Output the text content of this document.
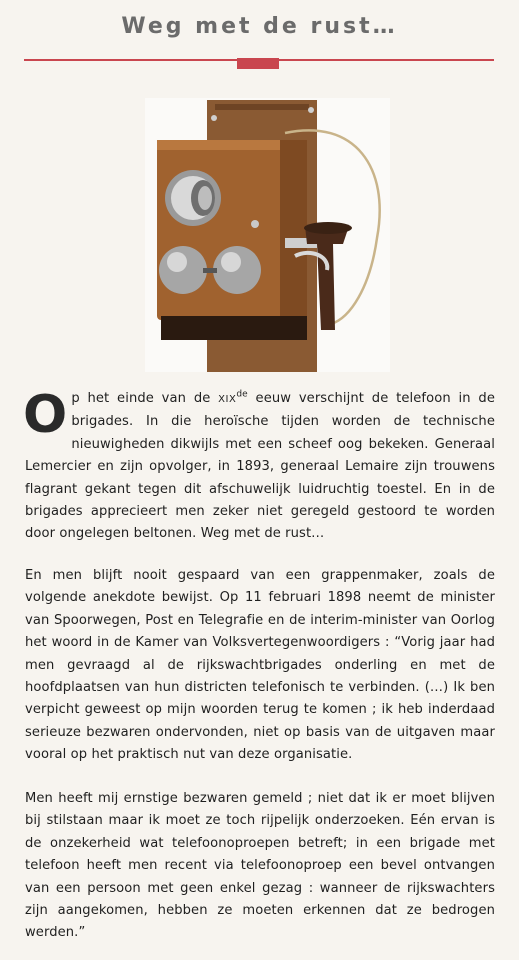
Weg met de rust…

O p het einde van de XIXde eeuw verschijnt de telefoon in de brigades. In die heroïsche tijden worden de technische nieuwigheden dikwijls met een scheef oog bekeken. Generaal Lemercier en zijn opvolger, in 1893, generaal Lemaire zijn trouwens flagrant gekant tegen dit afschuwelijk luidruchtig toestel. En in de brigades apprecieert men zeker niet geregeld gestoord te worden door ongelegen beltonen. Weg met de rust…

En men blijft nooit gespaard van een grappenmaker, zoals de volgende anekdote bewijst. Op 11 februari 1898 neemt de minister van Spoorwegen, Post en Telegrafie en de interim-minister van Oorlog het woord in de Kamer van Volksvertegenwoordigers : “Vorig jaar had men gevraagd al de rijkswachtbrigades onderling en met de hoofdplaatsen van hun districten telefonisch te verbinden. (…) Ik ben verpicht geweest op mijn woorden terug te komen ; ik heb inderdaad serieuze bezwaren ondervonden, niet op basis van de uitgaven maar vooral op het praktisch nut van deze organisatie.

Men heeft mij ernstige bezwaren gemeld ; niet dat ik er moet blijven bij stilstaan maar ik moet ze toch rijpelijk onderzoeken. Eén ervan is de onzekerheid wat telefoonoproepen betreft; in een brigade met telefoon heeft men recent via telefoonoproep een bevel ontvangen van een persoon met geen enkel gezag : wanneer de rijkswachters zijn aangekomen, hebben ze moeten erkennen dat ze bedrogen werden.”
